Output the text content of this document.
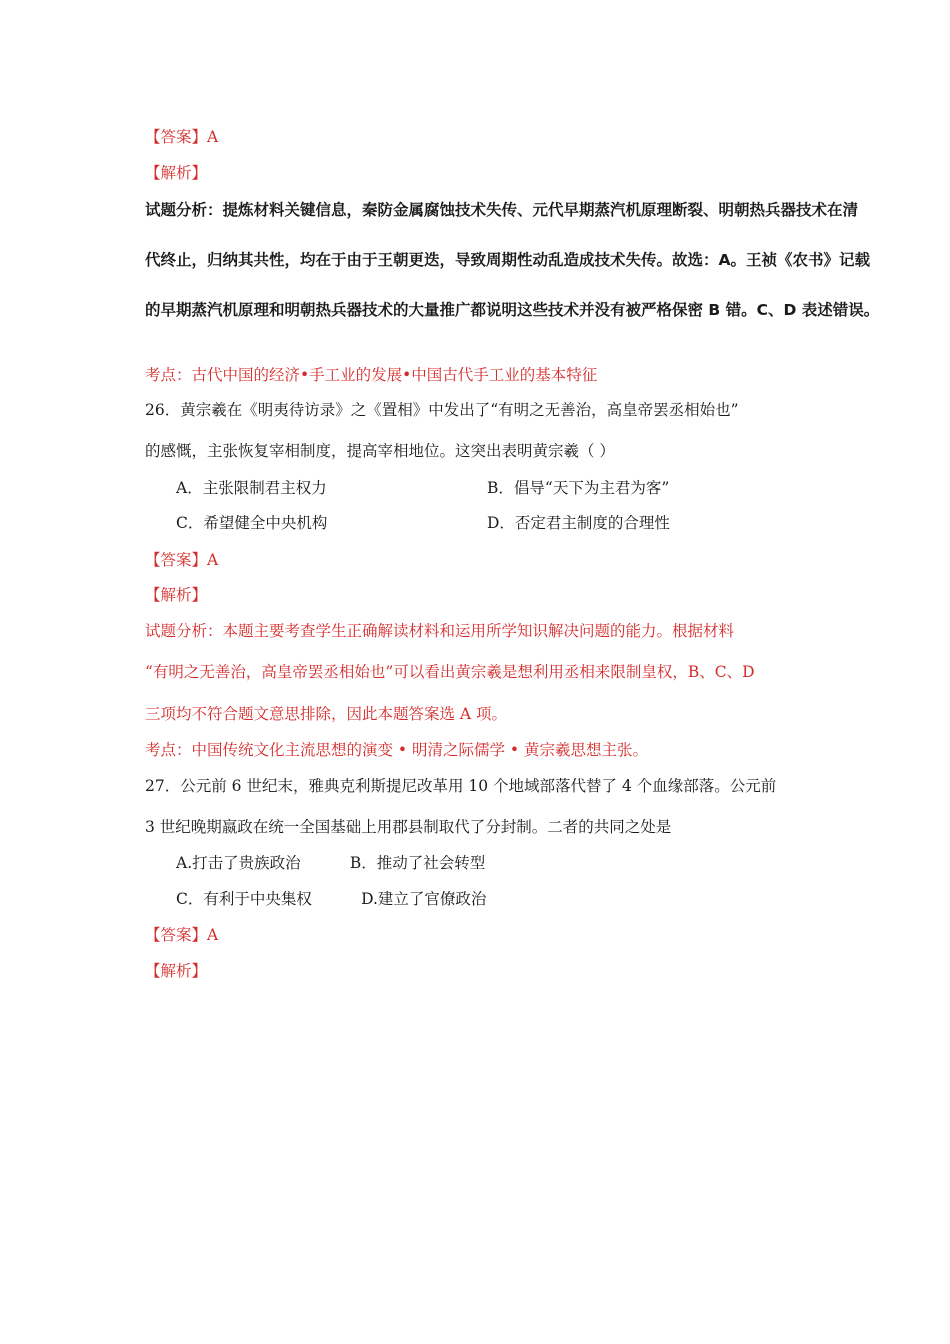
【答案】A
【解析】
试题分析：提炼材料关键信息，秦防金属腐蚀技术失传、元代早期蒸汽机原理断裂、明朝热兵器技术在清
代终止，归纳其共性，均在于由于王朝更迭，导致周期性动乱造成技术失传。故选：A。王祯《农书》记载
的早期蒸汽机原理和明朝热兵器技术的大量推广都说明这些技术并没有被严格保密 B 错。C、D 表述错误。
考点：古代中国的经济•手工业的发展•中国古代手工业的基本特征
26．黄宗羲在《明夷待访录》之《置相》中发出了“有明之无善治，高皇帝罢丞相始也”
的感慨，主张恢复宰相制度，提高宰相地位。这突出表明黄宗羲（ ）
A．主张限制君主权力	B．倡导“天下为主君为客”
C．希望健全中央机构	D．否定君主制度的合理性
【答案】A
【解析】
试题分析：本题主要考查学生正确解读材料和运用所学知识解决问题的能力。根据材料
“有明之无善治，高皇帝罢丞相始也”可以看出黄宗羲是想利用丞相来限制皇权，B、C、D
三项均不符合题文意思排除，因此本题答案选 A 项。
考点：中国传统文化主流思想的演变 • 明清之际儒学 • 黄宗羲思想主张。
27．公元前 6 世纪末，雅典克利斯提尼改革用 10 个地域部落代替了 4 个血缘部落。公元前
3 世纪晚期嬴政在统一全国基础上用郡县制取代了分封制。二者的共同之处是
A.打击了贵族政治          B．推动了社会转型
C．有利于中央集权          D.建立了官僚政治
【答案】A
【解析】
